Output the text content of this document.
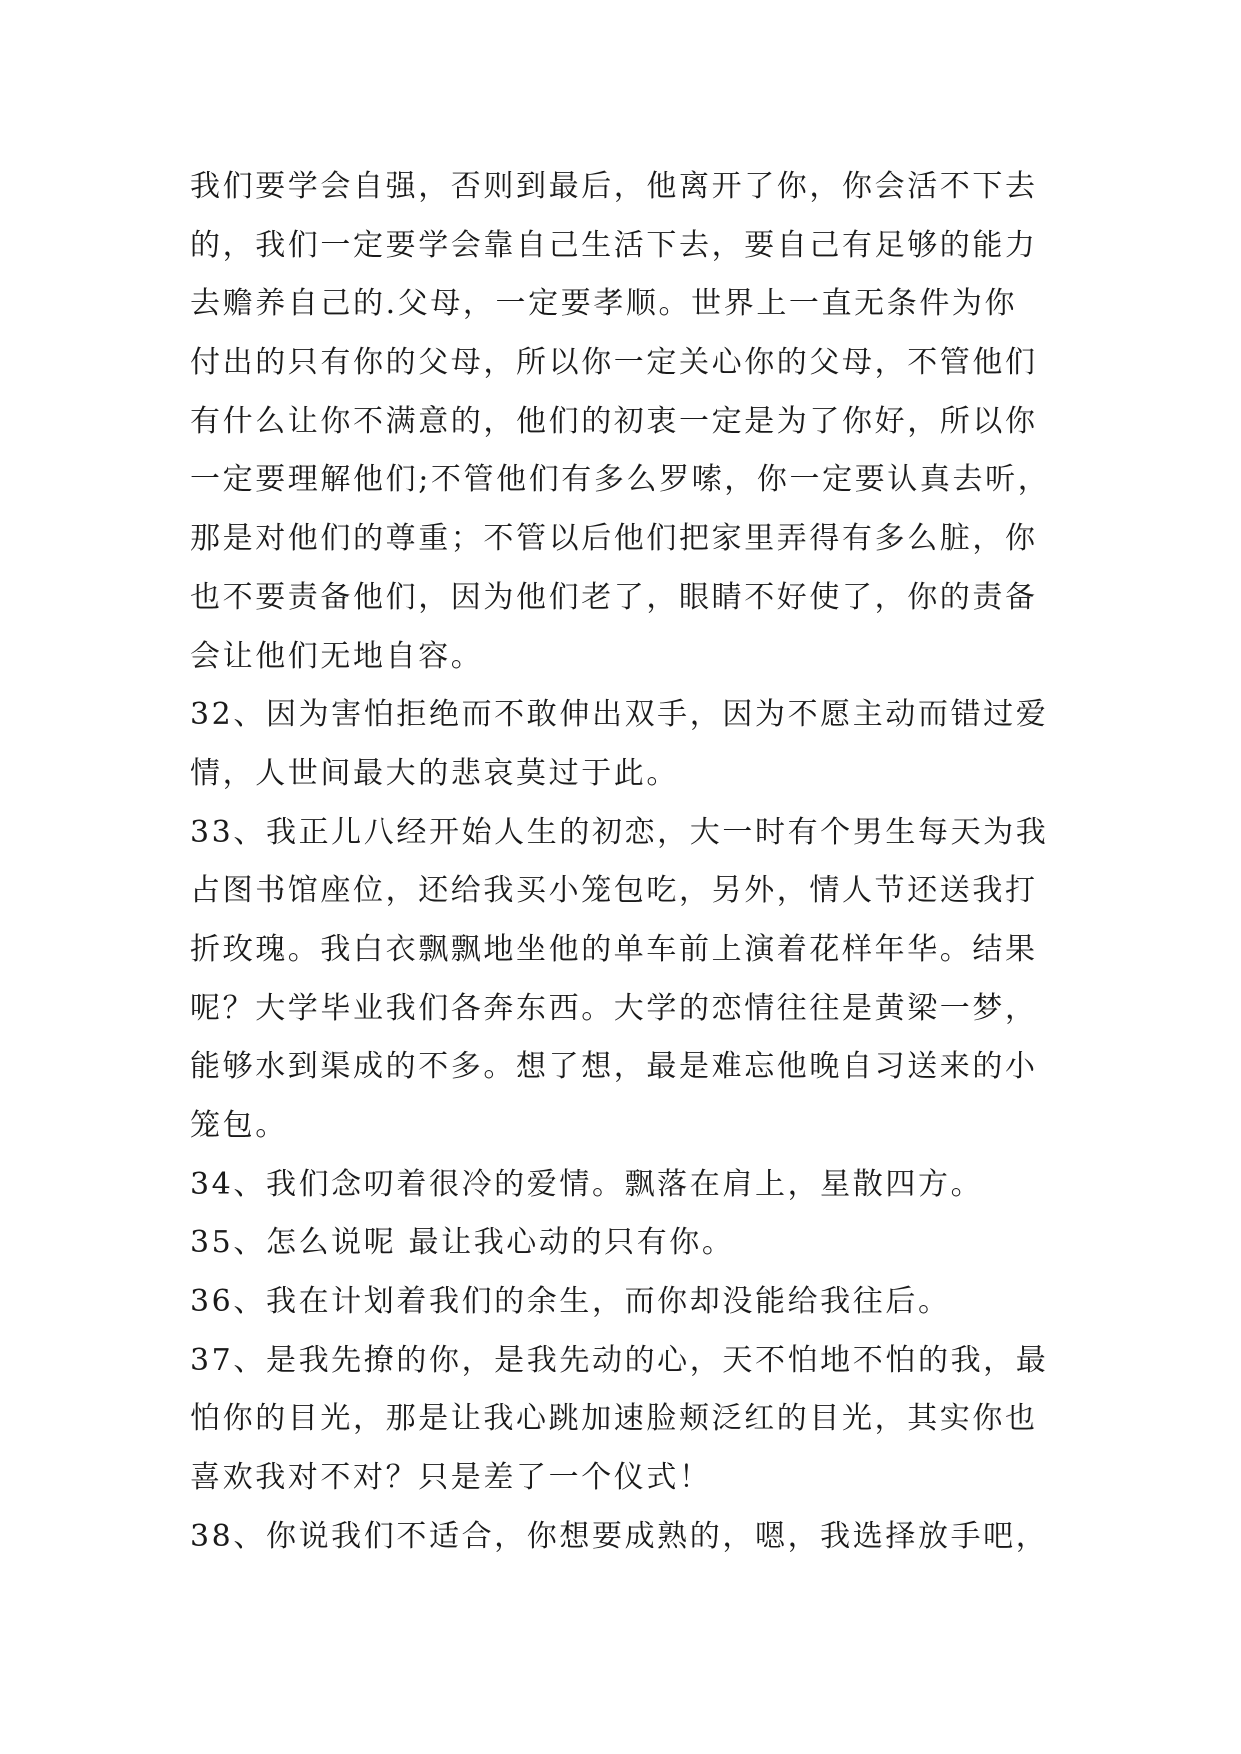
我们要学会自强，否则到最后，他离开了你，你会活不下去
的，我们一定要学会靠自己生活下去，要自己有足够的能力
去赡养自己的.父母，一定要孝顺。世界上一直无条件为你
付出的只有你的父母，所以你一定关心你的父母，不管他们
有什么让你不满意的，他们的初衷一定是为了你好，所以你
一定要理解他们;不管他们有多么罗嗦，你一定要认真去听，
那是对他们的尊重；不管以后他们把家里弄得有多么脏，你
也不要责备他们，因为他们老了，眼睛不好使了，你的责备
会让他们无地自容。
32、因为害怕拒绝而不敢伸出双手，因为不愿主动而错过爱
情，人世间最大的悲哀莫过于此。
33、我正儿八经开始人生的初恋，大一时有个男生每天为我
占图书馆座位，还给我买小笼包吃，另外，情人节还送我打
折玫瑰。我白衣飘飘地坐他的单车前上演着花样年华。结果
呢？大学毕业我们各奔东西。大学的恋情往往是黄梁一梦，
能够水到渠成的不多。想了想，最是难忘他晚自习送来的小
笼包。
34、我们念叨着很冷的爱情。飘落在肩上，星散四方。
35、怎么说呢 最让我心动的只有你。
36、我在计划着我们的余生，而你却没能给我往后。
37、是我先撩的你，是我先动的心，天不怕地不怕的我，最
怕你的目光，那是让我心跳加速脸颊泛红的目光，其实你也
喜欢我对不对？只是差了一个仪式！
38、你说我们不适合，你想要成熟的，嗯，我选择放手吧，
